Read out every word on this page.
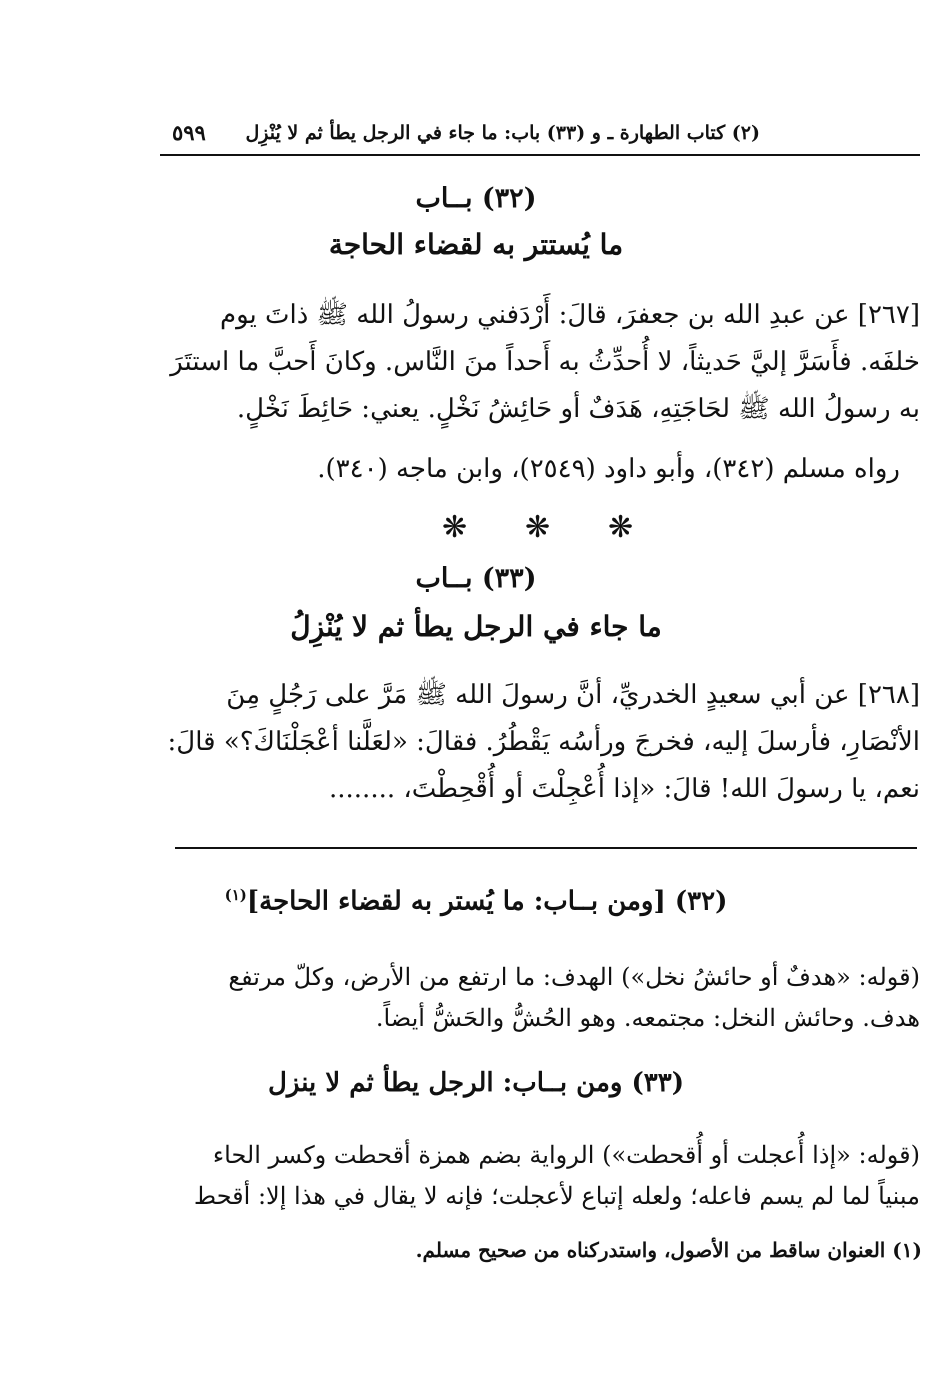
(٢) كتاب الطهارة ـ و (٣٣) باب: ما جاء في الرجل يطأ ثم لا يُنْزِل
٥٩٩
(٣٢) بــاب
ما يُستتر به لقضاء الحاجة
[٢٦٧] عن عبدِ الله بن جعفرَ، قالَ: أَرْدَفني رسولُ الله ﷺ ذاتَ يوم
خلفَه. فأَسَرَّ إليَّ حَديثاً، لا أُحدِّثُ به أَحداً منَ النَّاس. وكانَ أَحبَّ ما استتَرَ
به رسولُ الله ﷺ لحَاجَتِهِ، هَدَفٌ أو حَائِشُ نَخْلٍ. يعني: حَائِطَ نَخْلٍ.
رواه مسلم (٣٤٢)، وأبو داود (٢٥٤٩)، وابن ماجه (٣٤٠).
❋ ❋ ❋
(٣٣) بــاب
ما جاء في الرجل يطأ ثم لا يُنْزِلُ
[٢٦٨] عن أبي سعيدٍ الخدريِّ، أنَّ رسولَ الله ﷺ مَرَّ على رَجُلٍ مِنَ
الأنْصَارِ، فأرسلَ إليه، فخرجَ ورأسُه يَقْطُرُ. فقالَ: «لعَلَّنا أعْجَلْنَاكَ؟» قالَ:
نعم، يا رسولَ الله! قالَ: «إذا أُعْجِلْتَ أو أُقْحِطْتَ، ........
(٣٢) [ومن بــاب: ما يُستر به لقضاء الحاجة]$^{(١)}$
(قوله: «هدفٌ أو حائشُ نخل») الهدف: ما ارتفع من الأرض، وكلّ مرتفع
هدف. وحائش النخل: مجتمعه. وهو الحُشُّ والحَشُّ أيضاً.
(٣٣) ومن بــاب: الرجل يطأ ثم لا ينزل
(قوله: «إذا أُعجلت أو أُقحطت») الرواية بضم همزة أقحطت وكسر الحاء
مبنياً لما لم يسم فاعله؛ ولعله إتباع لأعجلت؛ فإنه لا يقال في هذا إلا: أقحط
(١) العنوان ساقط من الأصول، واستدركناه من صحيح مسلم.
